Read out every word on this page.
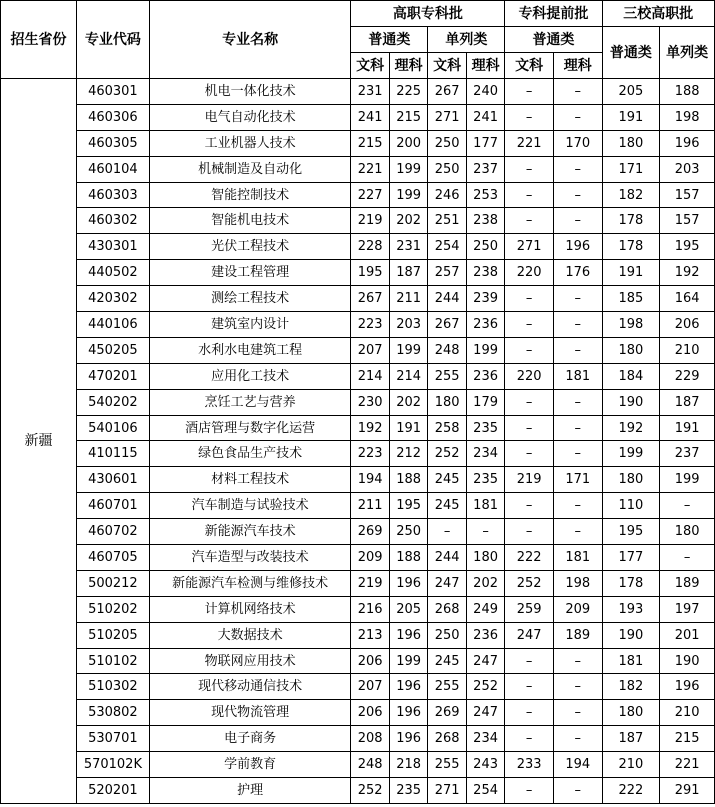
招生省份	专业代码	专业名称	高职专科批				专科提前批		三校高职批	
			普通类		单列类		普通类		普通类	单列类
			文科	理科	文科	理科	文科	理科		
新疆	460301	机电一体化技术	231	225	267	240	–	–	205	188
	460306	电气自动化技术	241	215	271	241	–	–	191	198
	460305	工业机器人技术	215	200	250	177	221	170	180	196
	460104	机械制造及自动化	221	199	250	237	–	–	171	203
	460303	智能控制技术	227	199	246	253	–	–	182	157
	460302	智能机电技术	219	202	251	238	–	–	178	157
	430301	光伏工程技术	228	231	254	250	271	196	178	195
	440502	建设工程管理	195	187	257	238	220	176	191	192
	420302	测绘工程技术	267	211	244	239	–	–	185	164
	440106	建筑室内设计	223	203	267	236	–	–	198	206
	450205	水利水电建筑工程	207	199	248	199	–	–	180	210
	470201	应用化工技术	214	214	255	236	220	181	184	229
	540202	烹饪工艺与营养	230	202	180	179	–	–	190	187
	540106	酒店管理与数字化运营	192	191	258	235	–	–	192	191
	410115	绿色食品生产技术	223	212	252	234	–	–	199	237
	430601	材料工程技术	194	188	245	235	219	171	180	199
	460701	汽车制造与试验技术	211	195	245	181	–	–	110	–
	460702	新能源汽车技术	269	250	–	–	–	–	195	180
	460705	汽车造型与改装技术	209	188	244	180	222	181	177	–
	500212	新能源汽车检测与维修技术	219	196	247	202	252	198	178	189
	510202	计算机网络技术	216	205	268	249	259	209	193	197
	510205	大数据技术	213	196	250	236	247	189	190	201
	510102	物联网应用技术	206	199	245	247	–	–	181	190
	510302	现代移动通信技术	207	196	255	252	–	–	182	196
	530802	现代物流管理	206	196	269	247	–	–	180	210
	530701	电子商务	208	196	268	234	–	–	187	215
	570102K	学前教育	248	218	255	243	233	194	210	221
	520201	护理	252	235	271	254	–	–	222	291
